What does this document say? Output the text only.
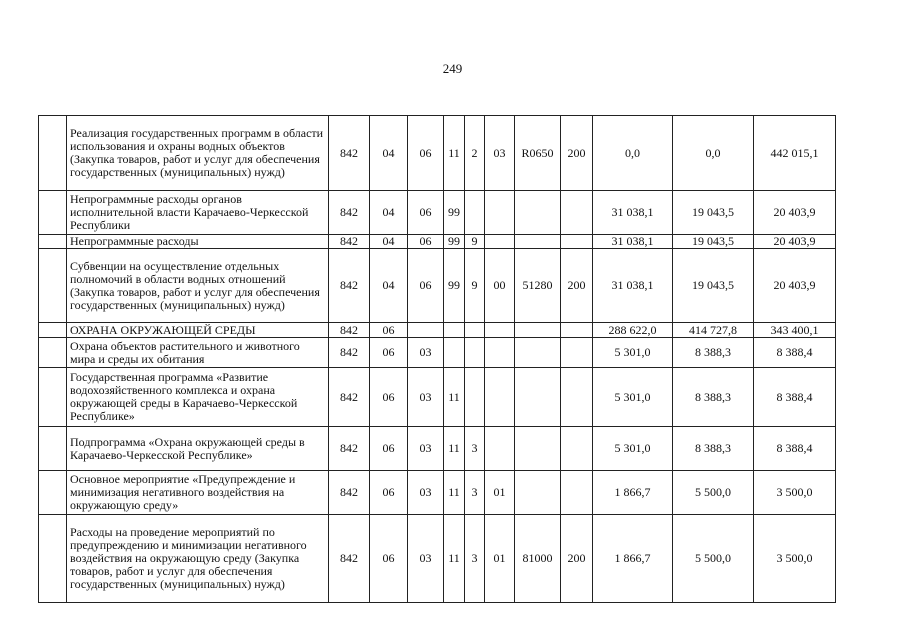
249
	Реализация государственных программ в области использования и охраны водных объектов (Закупка товаров, работ и услуг для обеспечения государственных (муниципальных) нужд)	842	04	06	11	2	03	R0650	200	0,0	0,0	442 015,1
	Непрограммные расходы органов исполнительной власти Карачаево-Черкесской Республики	842	04	06	99					31 038,1	19 043,5	20 403,9
	Непрограммные расходы	842	04	06	99	9				31 038,1	19 043,5	20 403,9
	Субвенции на осуществление отдельных полномочий в области водных отношений (Закупка товаров, работ и услуг для обеспечения государственных (муниципальных) нужд)	842	04	06	99	9	00	51280	200	31 038,1	19 043,5	20 403,9
	ОХРАНА ОКРУЖАЮЩЕЙ СРЕДЫ	842	06							288 622,0	414 727,8	343 400,1
	Охрана объектов растительного и животного мира и среды их обитания	842	06	03						5 301,0	8 388,3	8 388,4
	Государственная программа «Развитие водохозяйственного комплекса и охрана окружающей среды в Карачаево-Черкесской Республике»	842	06	03	11					5 301,0	8 388,3	8 388,4
	Подпрограмма «Охрана окружающей среды в Карачаево-Черкесской Республике»	842	06	03	11	3				5 301,0	8 388,3	8 388,4
	Основное мероприятие «Предупреждение и минимизация негативного воздействия на окружающую среду»	842	06	03	11	3	01			1 866,7	5 500,0	3 500,0
	Расходы на проведение мероприятий по предупреждению и минимизации негативного воздействия на окружающую среду (Закупка товаров, работ и услуг для обеспечения государственных (муниципальных) нужд)	842	06	03	11	3	01	81000	200	1 866,7	5 500,0	3 500,0
